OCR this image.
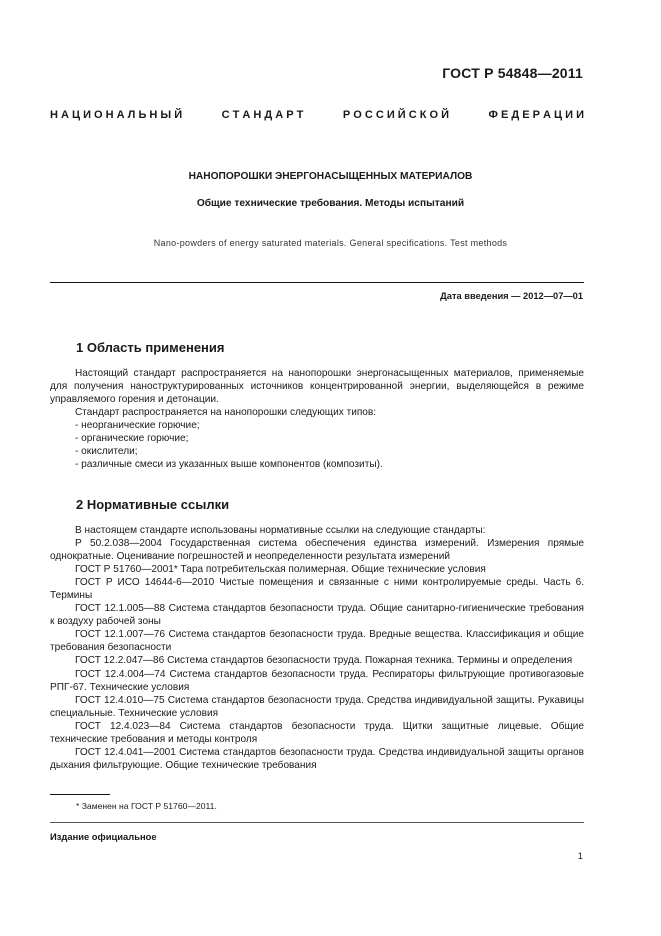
ГОСТ Р 54848—2011
Н А Ц И О Н А Л Ь Н Ы Й	С Т А Н Д А Р Т	Р О С С И Й С К О Й	Ф Е Д Е Р А Ц И И
НАНОПОРОШКИ ЭНЕРГОНАСЫЩЕННЫХ МАТЕРИАЛОВ
Общие технические требования. Методы испытаний
Nano-powders of energy saturated materials. General specifications. Test methods
Дата введения — 2012—07—01
1 Область применения

Настоящий стандарт распространяется на нанопорошки энергонасыщенных материалов, применяемые для получения наноструктурированных источников концентрированной энергии, выделяющейся в режиме управляемого горения и детонации.

Стандарт распространяется на нанопорошки следующих типов:

- неорганические горючие;

- органические горючие;

- окислители;

- различные смеси из указанных выше компонентов (композиты).

2 Нормативные ссылки

В настоящем стандарте использованы нормативные ссылки на следующие стандарты:

Р 50.2.038—2004 Государственная система обеспечения единства измерений. Измерения прямые однократные. Оценивание погрешностей и неопределенности результата измерений

ГОСТ Р 51760—2001* Тара потребительская полимерная. Общие технические условия

ГОСТ Р ИСО 14644-6—2010 Чистые помещения и связанные с ними контролируемые среды. Часть 6. Термины

ГОСТ 12.1.005—88 Система стандартов безопасности труда. Общие санитарно-гигиенические требования к воздуху рабочей зоны

ГОСТ 12.1.007—76 Система стандартов безопасности труда. Вредные вещества. Классификация и общие требования безопасности

ГОСТ 12.2.047—86 Система стандартов безопасности труда. Пожарная техника. Термины и определения

ГОСТ 12.4.004—74 Система стандартов безопасности труда. Респираторы фильтрующие противогазовые РПГ-67. Технические условия

ГОСТ 12.4.010—75 Система стандартов безопасности труда. Средства индивидуальной защиты. Рукавицы специальные. Технические условия

ГОСТ 12.4.023—84 Система стандартов безопасности труда. Щитки защитные лицевые. Общие технические требования и методы контроля

ГОСТ 12.4.041—2001 Система стандартов безопасности труда. Средства индивидуальной защиты органов дыхания фильтрующие. Общие технические требования

* Заменен на ГОСТ Р 51760—2011.
Издание официальное
1
